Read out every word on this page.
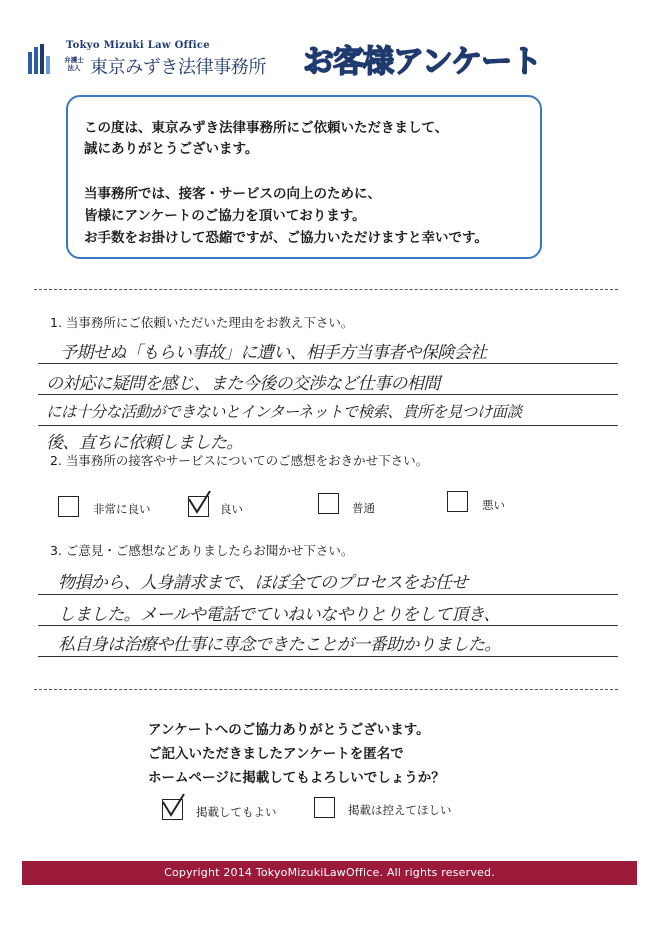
Tokyo Mizuki Law Office
弁護士法人 東京みずき法律事務所 お客様アンケート
この度は、東京みずき法律事務所にご依頼いただきまして、
誠にありがとうございます。
当事務所では、接客・サービスの向上のために、
皆様にアンケートのご協力を頂いております。
お手数をお掛けして恐縮ですが、ご協力いただけますと幸いです。
1. 当事務所にご依頼いただいた理由をお教え下さい。
予期せぬ「もらい事故」に遭い、相手方当事者や保険会社
の対応に疑問を感じ、また今後の交渉など仕事の相間
には十分な活動ができないとインターネットで検索、貴所を見つけ面談
後、直ちに依頼しました。
2. 当事務所の接客やサービスについてのご感想をおきかせ下さい。
非常に良い	良い	普通	悪い
3. ご意見・ご感想などありましたらお聞かせ下さい。
物損から、人身請求まで、ほぼ全てのプロセスをお任せ
しました。メールや電話でていねいなやりとりをして頂き、
私自身は治療や仕事に専念できたことが一番助かりました。
アンケートへのご協力ありがとうございます。
ご記入いただきましたアンケートを匿名で
ホームページに掲載してもよろしいでしょうか？
掲載してもよい	掲載は控えてほしい
Copyright 2014 TokyoMizukiLawOffice. All rights reserved.
